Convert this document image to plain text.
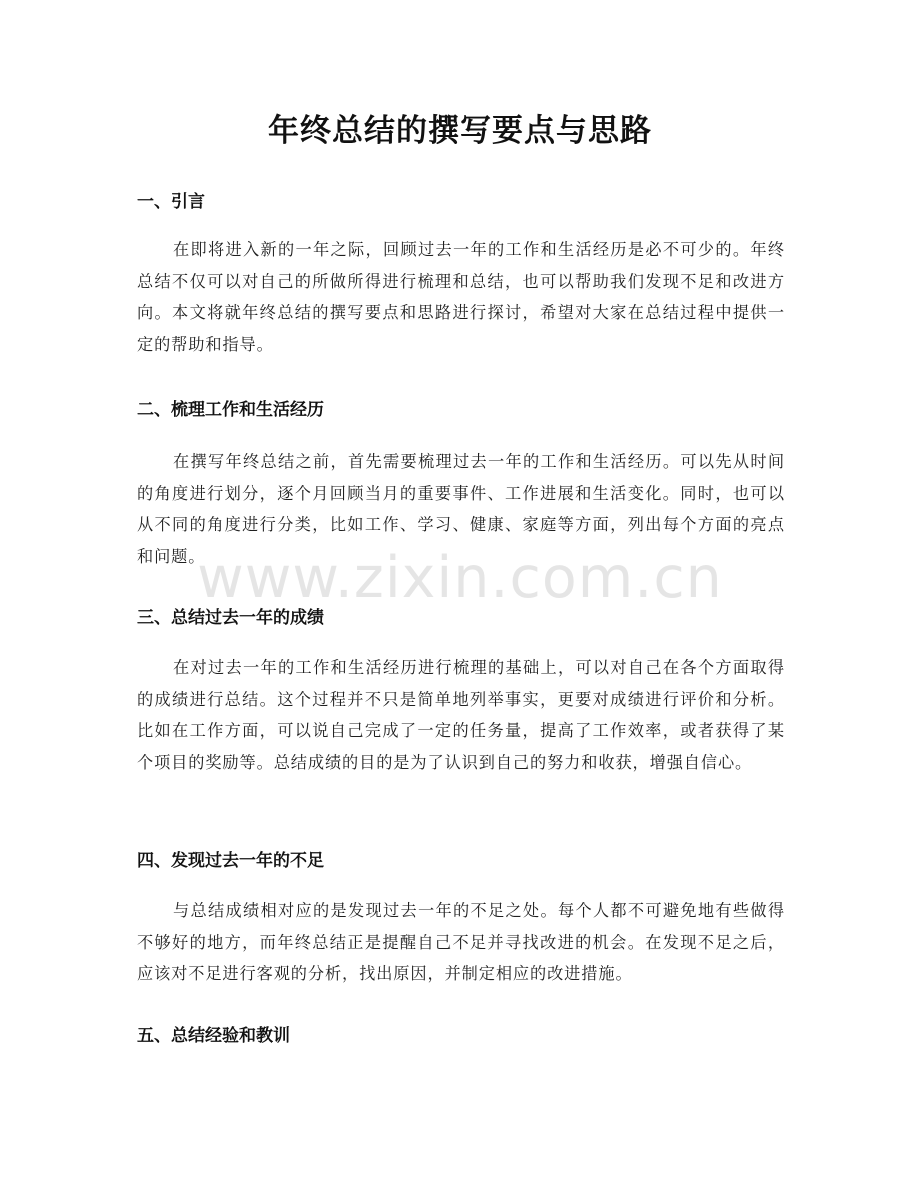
年终总结的撰写要点与思路
一、引言

在即将进入新的一年之际，回顾过去一年的工作和生活经历是必不可少的。年终总结不仅可以对自己的所做所得进行梳理和总结，也可以帮助我们发现不足和改进方向。本文将就年终总结的撰写要点和思路进行探讨，希望对大家在总结过程中提供一定的帮助和指导。

二、梳理工作和生活经历

在撰写年终总结之前，首先需要梳理过去一年的工作和生活经历。可以先从时间的角度进行划分，逐个月回顾当月的重要事件、工作进展和生活变化。同时，也可以从不同的角度进行分类，比如工作、学习、健康、家庭等方面，列出每个方面的亮点和问题。

三、总结过去一年的成绩

在对过去一年的工作和生活经历进行梳理的基础上，可以对自己在各个方面取得的成绩进行总结。这个过程并不只是简单地列举事实，更要对成绩进行评价和分析。比如在工作方面，可以说自己完成了一定的任务量，提高了工作效率，或者获得了某个项目的奖励等。总结成绩的目的是为了认识到自己的努力和收获，增强自信心。

四、发现过去一年的不足

与总结成绩相对应的是发现过去一年的不足之处。每个人都不可避免地有些做得不够好的地方，而年终总结正是提醒自己不足并寻找改进的机会。在发现不足之后，应该对不足进行客观的分析，找出原因，并制定相应的改进措施。

五、总结经验和教训
www.zixin.com.cn
